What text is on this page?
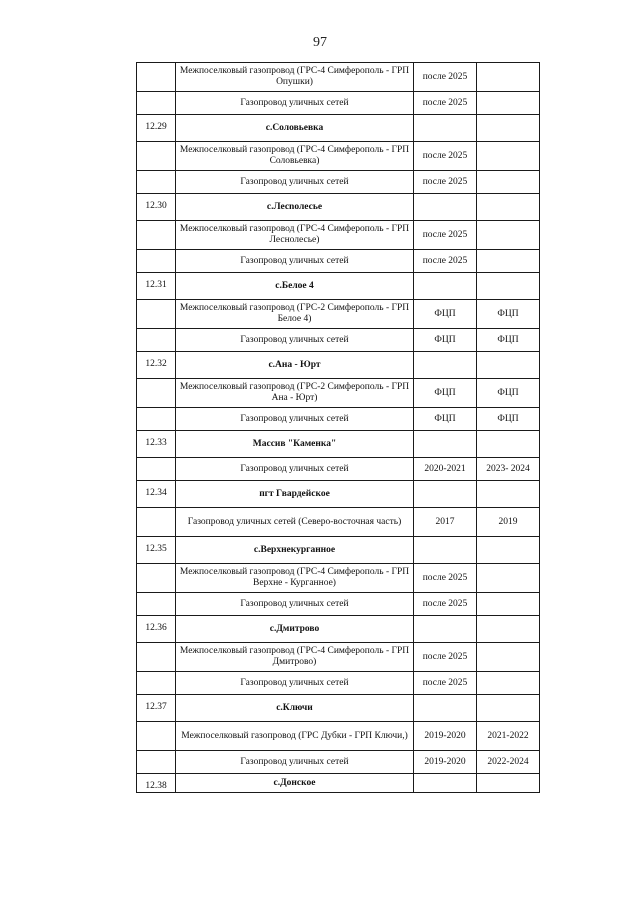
97
	Межпоселковый газопровод (ГРС-4 Симферополь - ГРП Опушки)	после 2025	
	Газопровод уличных сетей	после 2025	
12.29	с.Соловьевка		
	Межпоселковый газопровод (ГРС-4 Симферополь - ГРП Соловьевка)	после 2025	
	Газопровод уличных сетей	после 2025	
12.30	с.Лесnолесье		
	Межпоселковый газопровод (ГРС-4 Симферополь - ГРП Леснолесье)	после 2025	
	Газопровод уличных сетей	после 2025	
12.31	с.Белое 4		
	Межпоселковый газопровод (ГРС-2 Симферополь - ГРП Белое 4)	ФЦП	ФЦП
	Газопровод уличных сетей	ФЦП	ФЦП
12.32	с.Ана - Юрт		
	Межпоселковый газопровод (ГРС-2 Симферополь - ГРП Ана - Юрт)	ФЦП	ФЦП
	Газопровод уличных сетей	ФЦП	ФЦП
12.33	Массив "Каменка"		
	Газопровод уличных сетей	2020-2021	2023- 2024
12.34	пгт Гвардейское		
	Газопровод уличных сетей (Северо-восточная часть)	2017	2019
12.35	с.Верхнекурганное		
	Межпоселковый газопровод (ГРС-4 Симферополь - ГРП Верхне - Курганное)	после 2025	
	Газопровод уличных сетей	после 2025	
12.36	с.Дмитрово		
	Межпоселковый газопровод (ГРС-4 Симферополь - ГРП Дмитрово)	после 2025	
	Газопровод уличных сетей	после 2025	
12.37	с.Ключи		
	Межпоселковый газопровод (ГРС Дубки - ГРП Ключи,)	2019-2020	2021-2022
	Газопровод уличных сетей	2019-2020	2022-2024
12.38	с.Донское		
